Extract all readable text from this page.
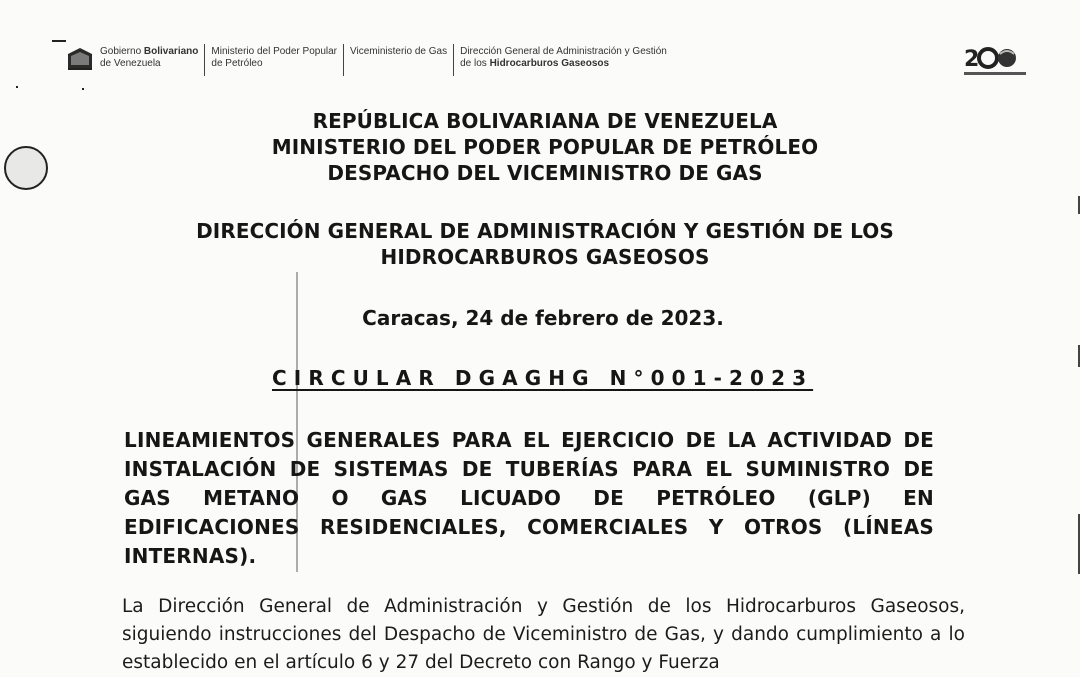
Gobierno Bolivariano
de Venezuela
Ministerio del Poder Popular
de Petróleo
Viceministerio de Gas Dirección General de Administración y Gestión
de los Hidrocarburos Gaseosos	2
REPÚBLICA BOLIVARIANA DE VENEZUELA
MINISTERIO DEL PODER POPULAR DE PETRÓLEO
DESPACHO DEL VICEMINISTRO DE GAS
DIRECCIÓN GENERAL DE ADMINISTRACIÓN Y GESTIÓN DE LOS
HIDROCARBUROS GASEOSOS
Caracas, 24 de febrero de 2023.
CIRCULAR DGAGHG N°001-2023
LINEAMIENTOS GENERALES PARA EL EJERCICIO DE LA ACTIVIDAD DE
INSTALACIÓN DE SISTEMAS DE TUBERÍAS PARA EL SUMINISTRO DE
GAS METANO O GAS LICUADO DE PETRÓLEO (GLP) EN
EDIFICACIONES RESIDENCIALES, COMERCIALES Y OTROS (LÍNEAS
INTERNAS).
La Dirección General de Administración y Gestión de los Hidrocarburos Gaseosos, siguiendo instrucciones del Despacho de Viceministro de Gas, y dando cumplimiento a lo establecido en el artículo 6 y 27 del Decreto con Rango y Fuerza
